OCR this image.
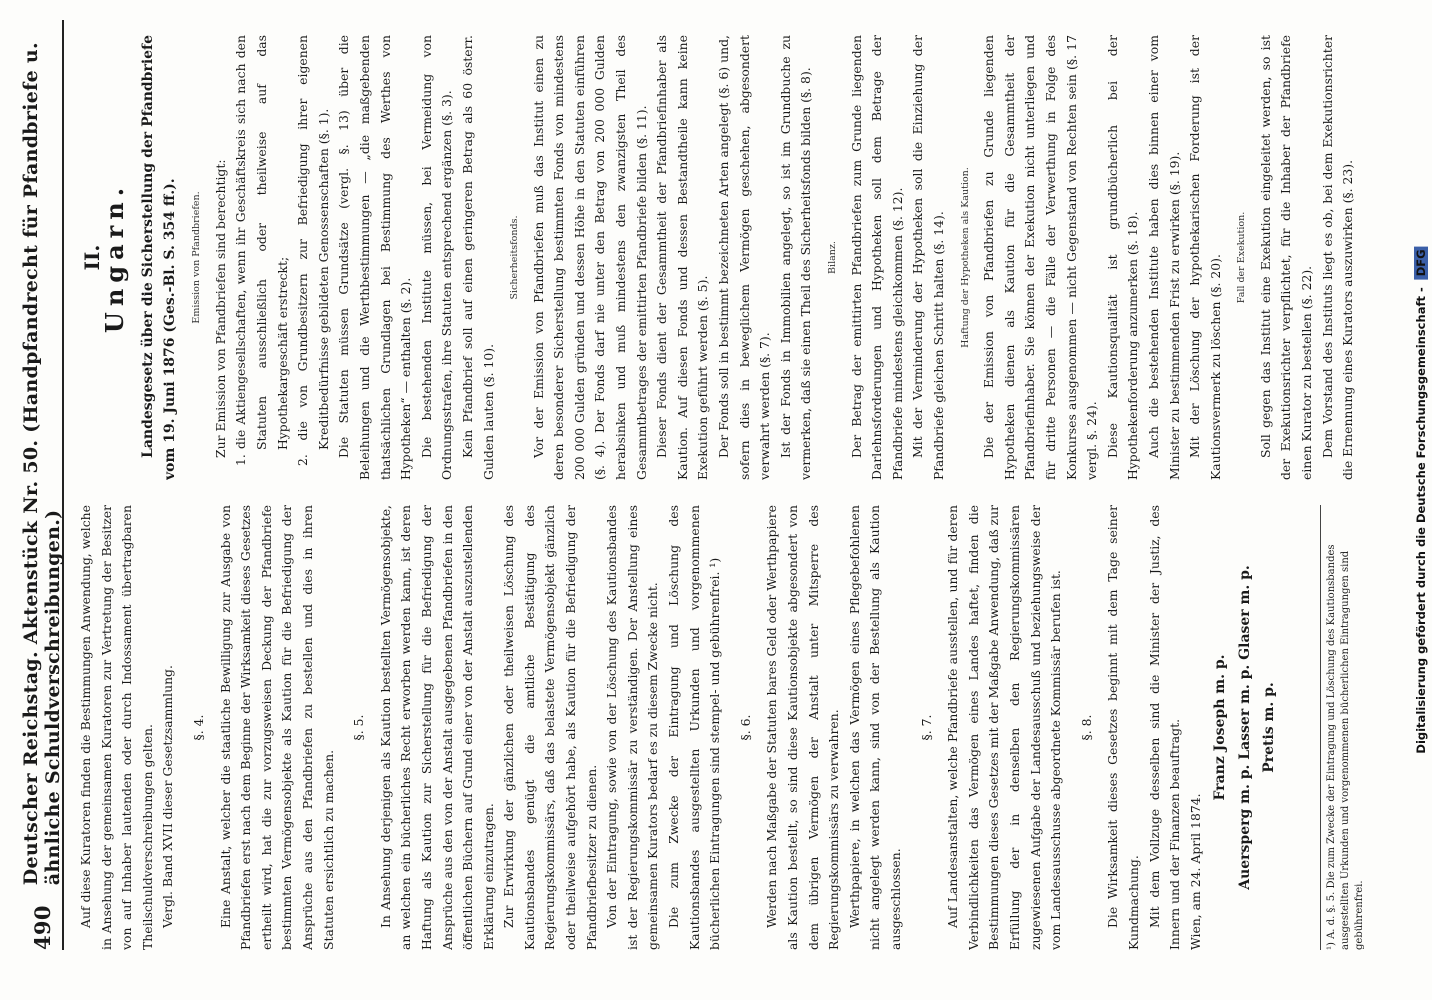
490
Deutscher Reichstag. Aktenstück Nr. 50. (Handpfandrecht für Pfandbriefe u. ähnliche Schuldverschreibungen.) Auf diese Kuratoren finden die Bestimmungen Anwendung, welche in Ansehung der gemeinsamen Kuratoren zur Vertretung der Besitzer von auf Inhaber lautenden oder durch Indossament übertragbaren Theilschuldverschreibungen gelten. Vergl. Band XVII dieser Gesetzsammlung. §. 4. Eine Anstalt, welcher die staatliche Bewilligung zur Ausgabe von Pfandbriefen erst nach dem Beginne der Wirksamkeit dieses Gesetzes ertheilt wird, hat die zur vorzugsweisen Deckung der Pfandbriefe bestimmten Vermögensobjekte als Kaution für die Befriedigung der Ansprüche aus den Pfandbriefen zu bestellen und dies in ihren Statuten ersichtlich zu machen.

§. 5. In Ansehung derjenigen als Kaution bestellten Vermögensobjekte, an welchen ein bücherliches Recht erworben werden kann, ist deren Haftung als Kaution zur Sicherstellung für die Befriedigung der Ansprüche aus den von der Anstalt ausgegebenen Pfandbriefen in den öffentlichen Büchern auf Grund einer von der Anstalt auszustellenden Erklärung einzutragen. Zur Erwirkung der gänzlichen oder theilweisen Löschung des Kautionsbandes genügt die amtliche Bestätigung des Regierungskommissärs, daß das belastete Vermögensobjekt gänzlich oder theilweise aufgehört habe, als Kaution für die Befriedigung der Pfandbriefbesitzer zu dienen. Von der Eintragung, sowie von der Löschung des Kautionsbandes ist der Regierungskommissär zu verständigen. Der Anstellung eines gemeinsamen Kurators bedarf es zu diesem Zwecke nicht. Die zum Zwecke der Eintragung und Löschung des Kautionsbandes ausgestellten Urkunden und vorgenommenen bücherlichen Eintragungen sind stempel- und gebührenfrei. ¹) §. 6. Werden nach Maßgabe der Statuten bares Geld oder Werthpapiere als Kaution bestellt, so sind diese Kautionsobjekte abgesondert von dem übrigen Vermögen der Anstalt unter Mitsperre des Regierungskommissärs zu verwahren. Werthpapiere, in welchen das Vermögen eines Pflegebefohlenen nicht angelegt werden kann, sind von der Bestellung als Kaution ausgeschlossen.

§. 7. Auf Landesanstalten, welche Pfandbriefe ausstellen, und für deren Verbindlichkeiten das Vermögen eines Landes haftet, finden die Bestimmungen dieses Gesetzes mit der Maßgabe Anwendung, daß zur Erfüllung der in denselben den Regierungskommissären zugewiesenen Aufgabe der Landesausschuß und beziehungsweise der vom Landesausschusse abgeordnete Kommissär berufen ist. §. 8. Die Wirksamkeit dieses Gesetzes beginnt mit dem Tage seiner Kundmachung. Mit dem Vollzuge desselben sind die Minister der Justiz, des Innern und der Finanzen beauftragt. Wien, am 24. April 1874.

Franz Joseph m. p. Auersperg m. p. Lasser m. p. Glaser m. p. Pretis m. p.	¹) A. d. §. 5. Die zum Zwecke der Eintragung und Löschung des Kautionsbandes ausgestellten Urkunden und vorgenommenen bücherlichen Eintragungen sind gebührenfrei.
II.
Ungarn. Landesgesetz über die Sicherstellung der Pfandbriefe vom 19. Juni 1876 (Ges.-Bl. S. 354 ff.).	Emission von Pfandbriefen. Zur Emission von Pfandbriefen sind berechtigt: 1. die Aktiengesellschaften, wenn ihr Geschäftskreis sich nach den Statuten ausschließlich oder theilweise auf das Hypothekargeschäft erstreckt; 2. die von Grundbesitzern zur Befriedigung ihrer eigenen Kreditbedürfnisse gebildeten Genossenschaften (§. 1). Die Statuten müssen Grundsätze (vergl. §. 13) über die Beleihungen und die Werthbestimmungen — „die maßgebenden thatsächlichen Grundlagen bei Bestimmung des Werthes von Hypotheken“ — enthalten (§. 2). Die bestehenden Institute müssen, bei Vermeidung von Ordnungsstrafen, ihre Statuten entsprechend ergänzen (§. 3). Kein Pfandbrief soll auf einen geringeren Betrag als 60 österr. Gulden lauten (§. 10).

Sicherheitsfonds. Vor der Emission von Pfandbriefen muß das Institut einen zu deren besonderer Sicherstellung bestimmten Fonds von mindestens 200 000 Gulden gründen und dessen Höhe in den Statuten einführen (§. 4). Der Fonds darf nie unter den Betrag von 200 000 Gulden herabsinken und muß mindestens den zwanzigsten Theil des Gesammtbetrages der emittirten Pfandbriefe bilden (§. 11). Dieser Fonds dient der Gesammtheit der Pfandbriefinhaber als Kaution. Auf diesen Fonds und dessen Bestandtheile kann keine Exekution geführt werden (§. 5). Der Fonds soll in bestimmt bezeichneten Arten angelegt (§. 6) und, sofern dies in beweglichem Vermögen geschehen, abgesondert verwahrt werden (§. 7). Ist der Fonds in Immobilien angelegt, so ist im Grundbuche zu vermerken, daß sie einen Theil des Sicherheitsfonds bilden (§. 8).	Bilanz. Der Betrag der emittirten Pfandbriefen zum Grunde liegenden Darlehnsforderungen und Hypotheken soll dem Betrage der Pfandbriefe mindestens gleichkommen (§. 12). Mit der Verminderung der Hypotheken soll die Einziehung der Pfandbriefe gleichen Schritt halten (§. 14).	Haftung der Hypotheken als Kaution. Die der Emission von Pfandbriefen zu Grunde liegenden Hypotheken dienen als Kaution für die Gesammtheit der Pfandbriefinhaber. Sie können der Exekution nicht unterliegen und für dritte Personen — die Fälle der Verwerthung in Folge des Konkurses ausgenommen — nicht Gegenstand von Rechten sein (§. 17 vergl. §. 24). Diese Kautionsqualität ist grundbücherlich bei der Hypothekenforderung anzumerken (§. 18). Auch die bestehenden Institute haben dies binnen einer vom Minister zu bestimmenden Frist zu erwirken (§. 19). Mit der Löschung der hypothekarischen Forderung ist der Kautionsvermerk zu löschen (§. 20).	Fall der Exekution. Soll gegen das Institut eine Exekution eingeleitet werden, so ist der Exekutionsrichter verpflichtet, für die Inhaber der Pfandbriefe einen Kurator zu bestellen (§. 22). Dem Vorstand des Instituts liegt es ob, bei dem Exekutionsrichter die Ernennung eines Kurators auszuwirken (§. 23).	Digitalisierung gefördert durch die Deutsche Forschungsgemeinschaft - DFG
